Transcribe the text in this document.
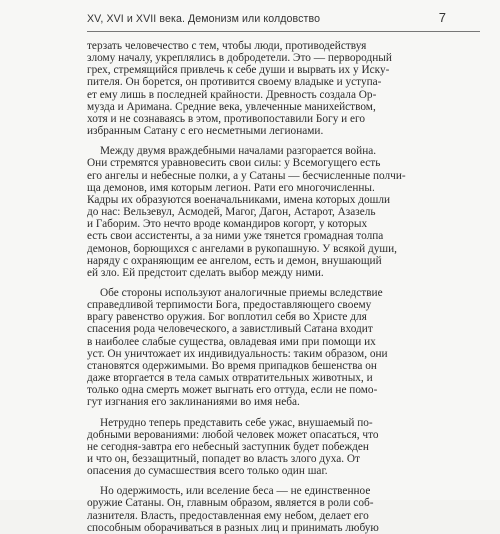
XV, XVI и XVII века. Демонизм или колдовство	7
терзать человечество с тем, чтобы люди, противодействуя
злому началу, укреплялись в добродетели. Это — первородный
грех, стремящийся привлечь к себе души и вырвать их у Иску-
пителя. Он борется, он противится своему владыке и уступа-
ет ему лишь в последней крайности. Древность создала Ор-
музда и Аримана. Средние века, увлеченные манихейством,
хотя и не сознаваясь в этом, противопоставили Богу и его
избранным Сатану с его несметными легионами.
Между двумя враждебными началами разгорается война.
Они стремятся уравновесить свои силы: у Всемогущего есть
его ангелы и небесные полки, а у Сатаны — бесчисленные полчи-
ща демонов, имя которым легион. Рати его многочисленны.
Кадры их образуются военачальниками, имена которых дошли
до нас: Вельзевул, Асмодей, Магог, Дагон, Астарот, Азазель
и Габорим. Это нечто вроде командиров когорт, у которых
есть свои ассистенты, а за ними уже тянется громадная толпа
демонов, борющихся с ангелами в рукопашную. У всякой души,
наряду с охраняющим ее ангелом, есть и демон, внушающий
ей зло. Ей предстоит сделать выбор между ними.
Обе стороны используют аналогичные приемы вследствие
справедливой терпимости Бога, предоставляющего своему
врагу равенство оружия. Бог воплотил себя во Христе для
спасения рода человеческого, а завистливый Сатана входит
в наиболее слабые существа, овладевая ими при помощи их
уст. Он уничтожает их индивидуальность: таким образом, они
становятся одержимыми. Во время припадков бешенства он
даже вторгается в тела самых отвратительных животных, и
только одна смерть может выгнать его оттуда, если не помо-
гут изгнания его заклинаниями во имя неба.
Нетрудно теперь представить себе ужас, внушаемый по-
добными верованиями: любой человек может опасаться, что
не сегодня-завтра его небесный заступник будет побежден
и что он, беззащитный, попадет во власть злого духа. От
опасения до сумасшествия всего только один шаг.
Но одержимость, или вселение беса — не единственное
оружие Сатаны. Он, главным образом, является в роли соб-
лазнителя. Власть, предоставленная ему небом, делает его
способным оборачиваться в разных лиц и принимать любую
